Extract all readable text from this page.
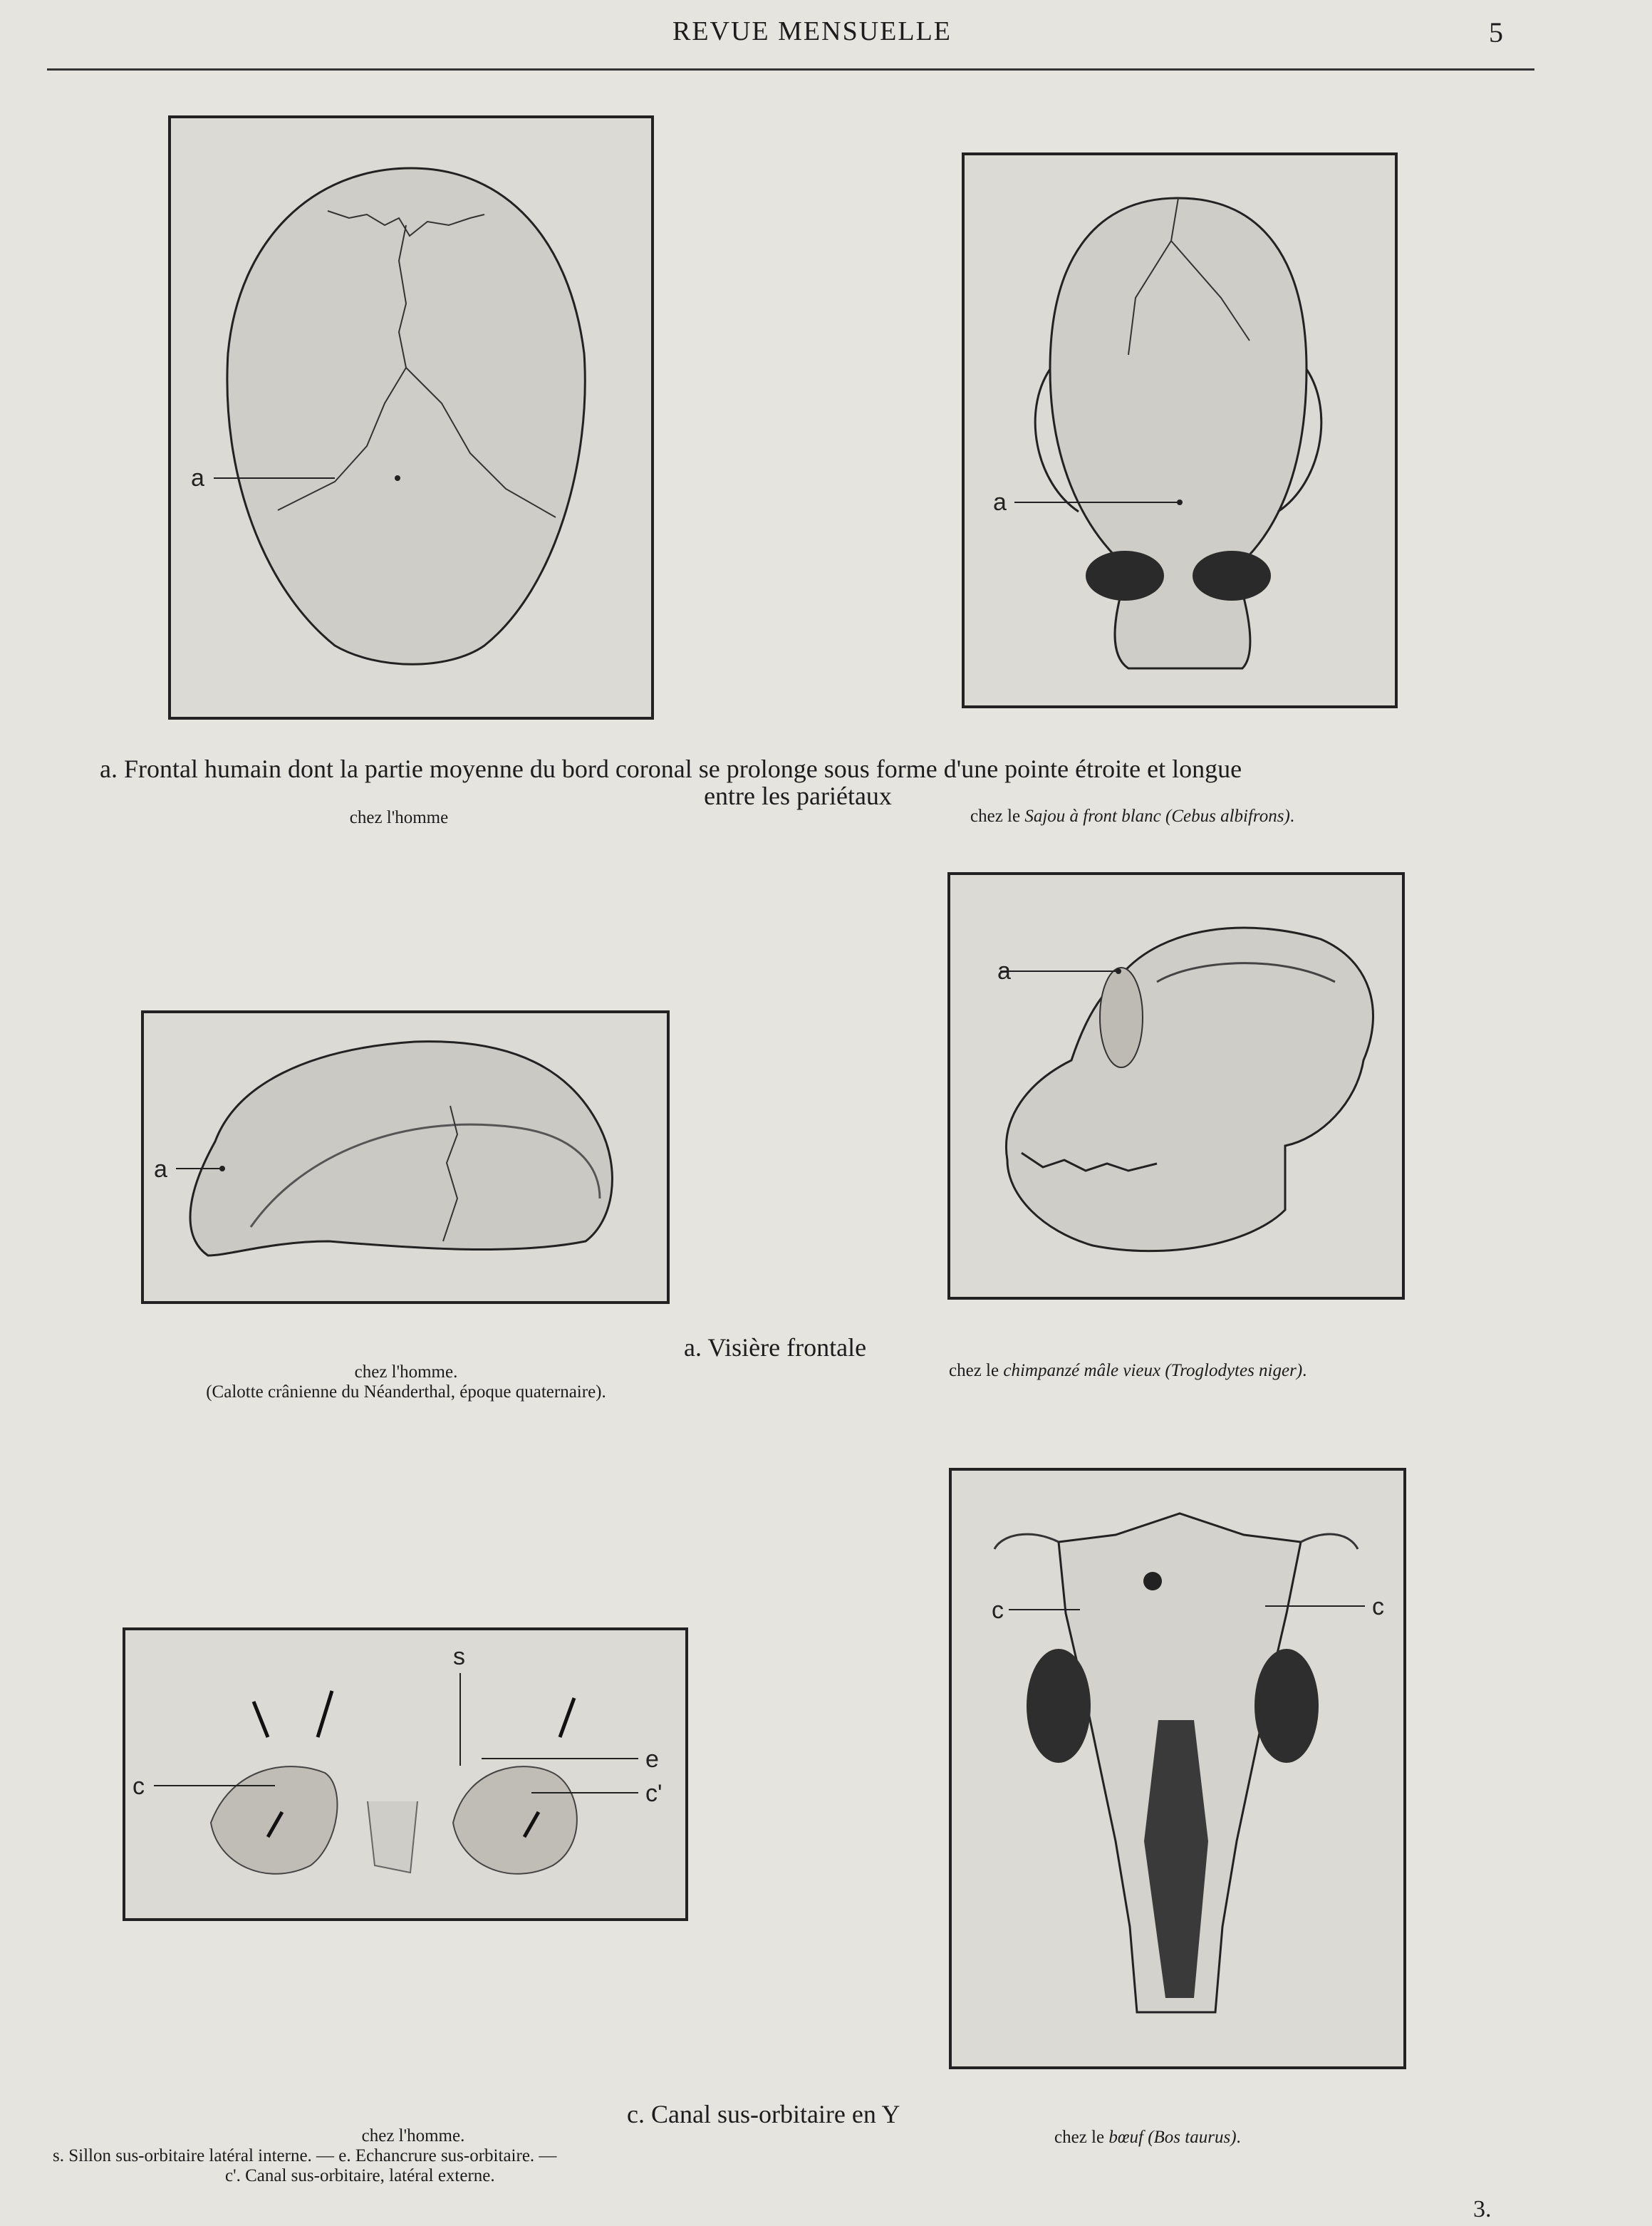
REVUE MENSUELLE	5
a
a
a. Frontal humain dont la partie moyenne du bord coronal se prolonge sous forme d'une pointe étroite et longue
entre les pariétaux
chez l'homme	chez le Sajou à front blanc (Cebus albifrons).
a
a
a. Visière frontale
chez l'homme.
(Calotte crânienne du Néanderthal, époque quaternaire).
chez le chimpanzé mâle vieux (Troglodytes niger).
s
e
c	c'
c	c
c. Canal sus-orbitaire en Y
chez l'homme.
s. Sillon sus-orbitaire latéral interne. — e. Echancrure sus-orbitaire. —
c'. Canal sus-orbitaire, latéral externe.
chez le bœuf (Bos taurus).
3.
